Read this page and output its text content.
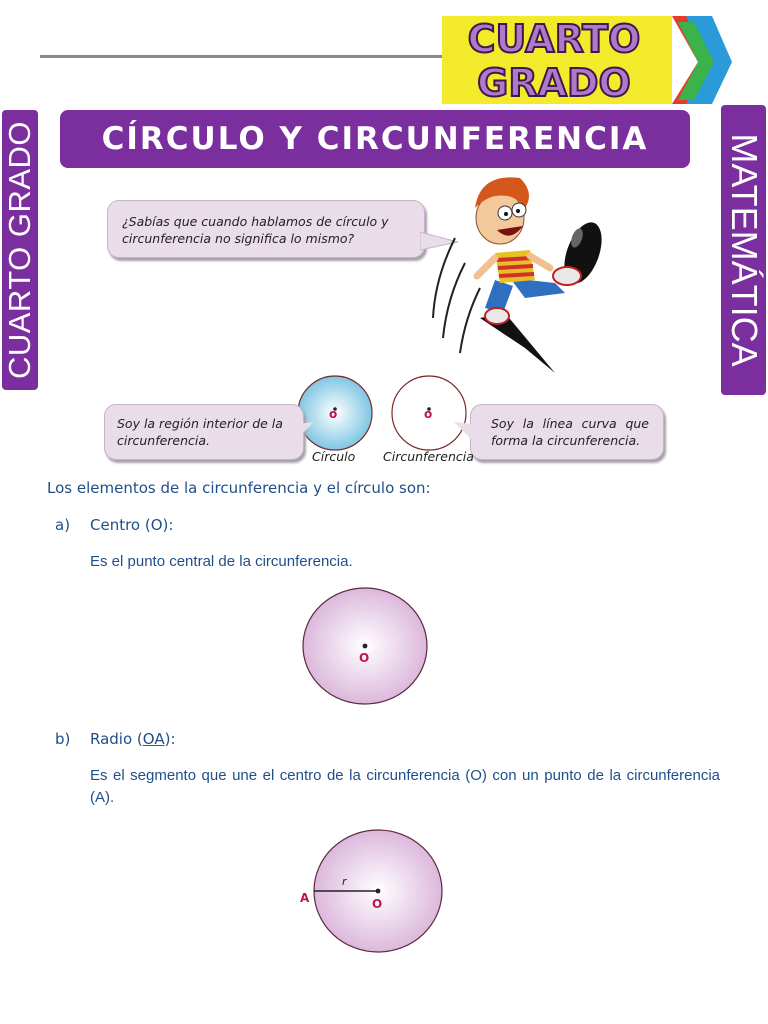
CUARTO
GRADO
CUARTO GRADO	MATEMÁTICA
CÍRCULO Y CIRCUNFERENCIA
¿Sabías que cuando hablamos de círculo y circunferencia no significa lo mismo?
o	o
Soy la región interior de la circunferencia.
Soy la línea curva que forma la circunferencia.
Círculo Circunferencia
Los elementos de la circunferencia y el círculo son:
a) Centro (O):
Es el punto central de la circunferencia.
O
b) Radio (OA):
Es el segmento que une el centro de la circunferencia (O) con un punto de la circunferencia (A).
A
r
O
